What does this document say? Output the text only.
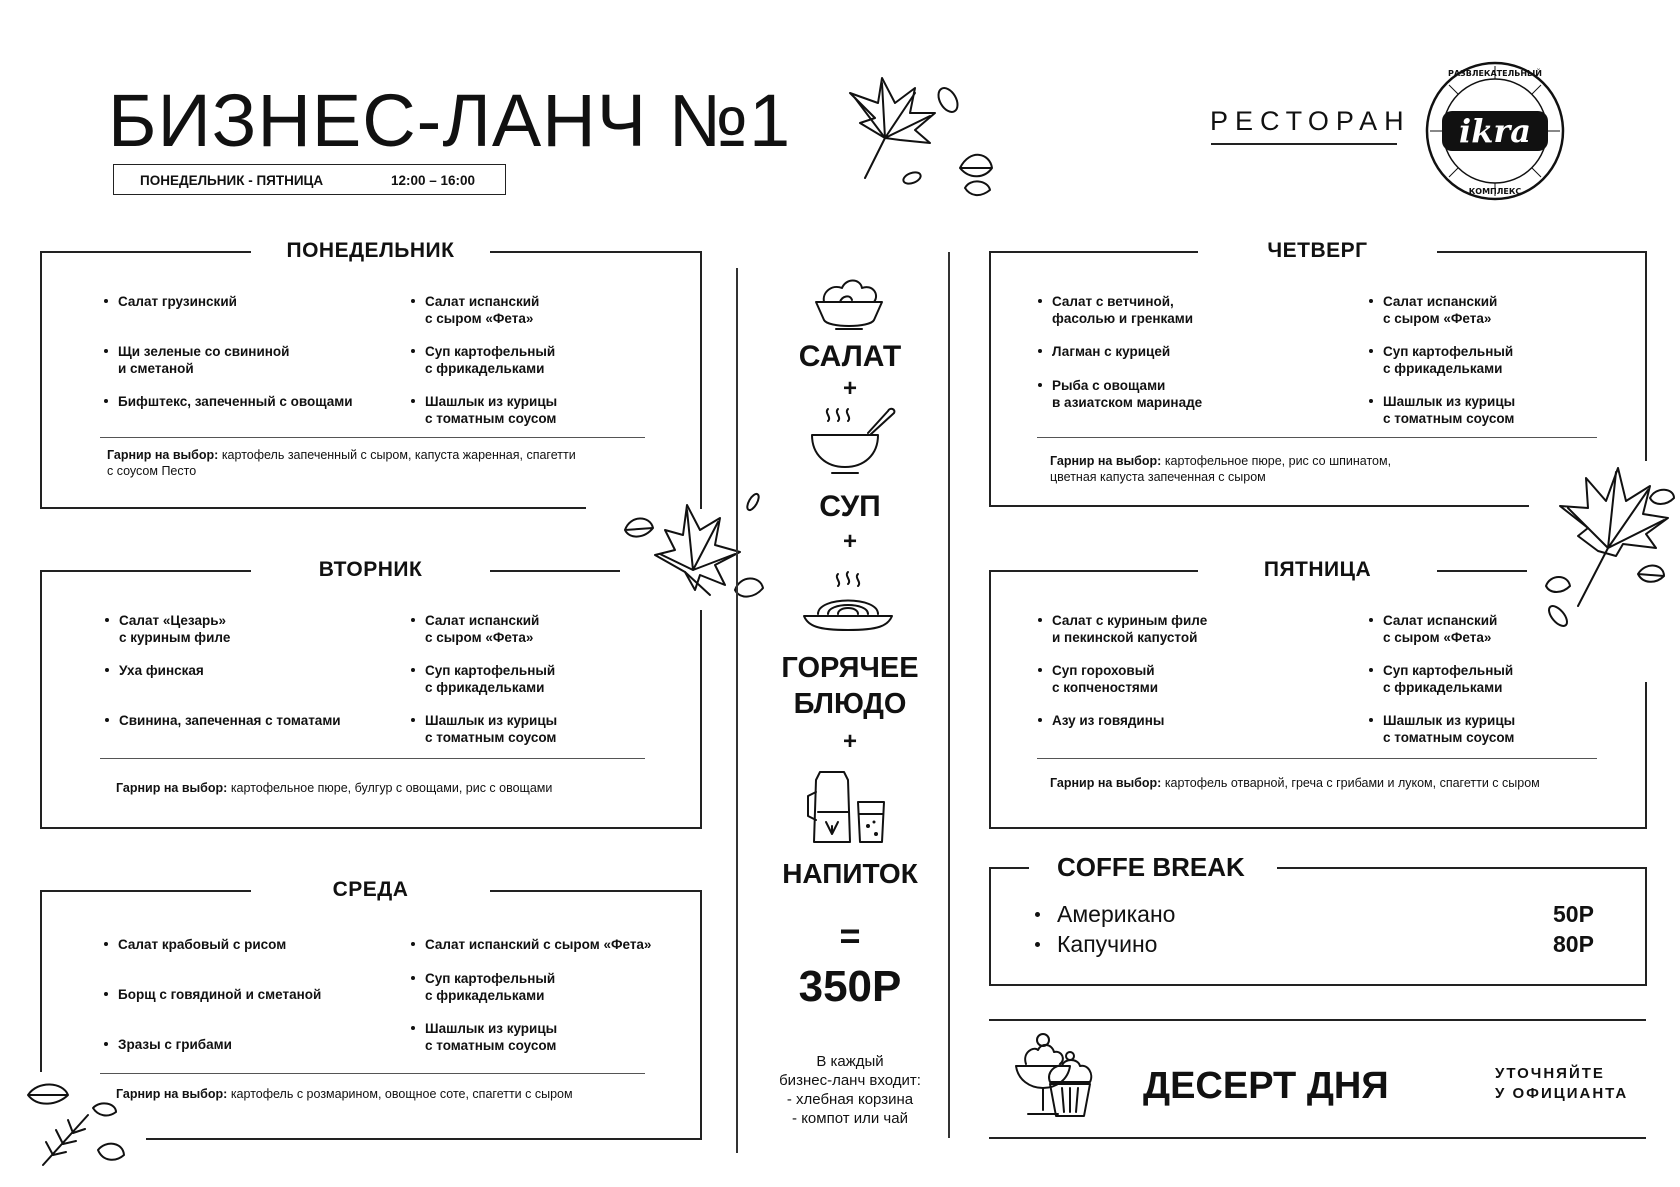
БИЗНЕС-ЛАНЧ №1
ПОНЕДЕЛЬНИК - ПЯТНИЦА	12:00 – 16:00
РЕСТОРАН ikra
РАЗВЛЕКАТЕЛЬНЫЙ
КОМПЛЕКС
ПОНЕДЕЛЬНИК
Салат грузинский
Щи зеленые со свининой
и сметаной
Бифштекс, запеченный с овощами
Салат испанский
с сыром «Фета»
Суп картофельный
с фрикадельками
Шашлык из курицы
с томатным соусом
Гарнир на выбор: картофель запеченный с сыром, капуста жаренная, спагетти
с соусом Песто
ВТОРНИК
Салат «Цезарь»
с куриным филе
Уха финская
Свинина, запеченная с томатами
Салат испанский
с сыром «Фета»
Суп картофельный
с фрикадельками
Шашлык из курицы
с томатным соусом
Гарнир на выбор: картофельное пюре, булгур с овощами, рис с овощами
СРЕДА
Салат крабовый с рисом
Борщ с говядиной и сметаной
Зразы с грибами
Салат испанский с сыром «Фета»
Суп картофельный
с фрикадельками
Шашлык из курицы
с томатным соусом
Гарнир на выбор: картофель с розмарином, овощное соте, спагетти с сыром
САЛАТ
+
СУП
+
ГОРЯЧЕЕ
БЛЮДО
+
НАПИТОК
=
350Р
В каждый
бизнес-ланч входит:
- хлебная корзина
- компот или чай
ЧЕТВЕРГ
Салат с ветчиной,
фасолью и гренками
Лагман с курицей
Рыба с овощами
в азиатском маринаде
Салат испанский
с сыром «Фета»
Суп картофельный
с фрикадельками
Шашлык из курицы
с томатным соусом
Гарнир на выбор: картофельное пюре, рис со шпинатом,
цветная капуста запеченная с сыром
ПЯТНИЦА
Салат с куриным филе
и пекинской капустой
Суп гороховый
с копченостями
Азу из говядины
Салат испанский
с сыром «Фета»
Суп картофельный
с фрикадельками
Шашлык из курицы
с томатным соусом
Гарнир на выбор: картофель отварной, греча с грибами и луком, спагетти с сыром
COFFE BREAK
Американо	50Р
Капучино	80Р
ДЕСЕРТ ДНЯ	УТОЧНЯЙТЕ
У ОФИЦИАНТА
